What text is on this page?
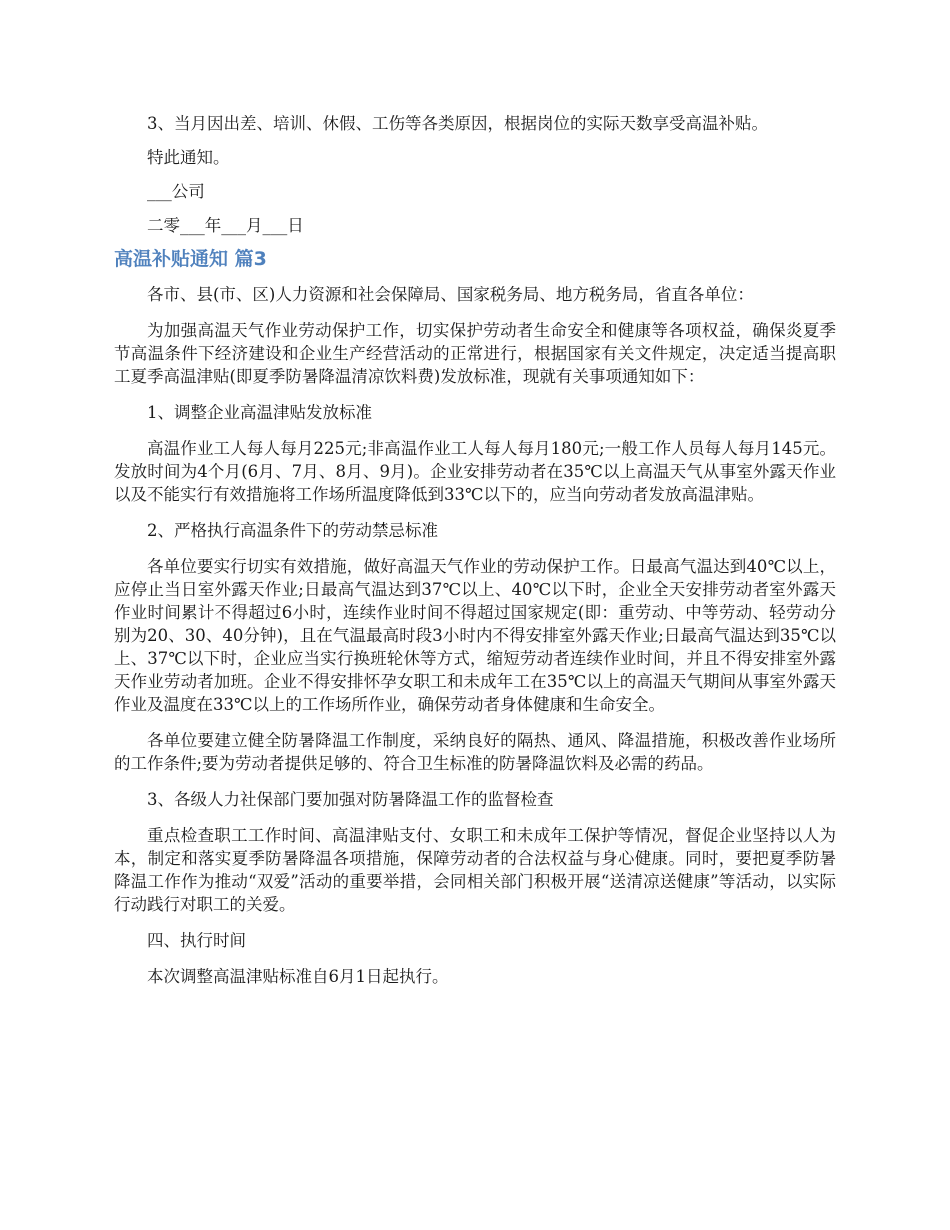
3、当月因出差、培训、休假、工伤等各类原因，根据岗位的实际天数享受高温补贴。

特此通知。

___公司

二零___年___月___日

高温补贴通知 篇3

各市、县(市、区)人力资源和社会保障局、国家税务局、地方税务局，省直各单位：

为加强高温天气作业劳动保护工作，切实保护劳动者生命安全和健康等各项权益，确保炎夏季节高温条件下经济建设和企业生产经营活动的正常进行，根据国家有关文件规定，决定适当提高职工夏季高温津贴(即夏季防暑降温清凉饮料费)发放标准，现就有关事项通知如下：

1、调整企业高温津贴发放标准

高温作业工人每人每月225元;非高温作业工人每人每月180元;一般工作人员每人每月145元。发放时间为4个月(6月、7月、8月、9月)。企业安排劳动者在35℃以上高温天气从事室外露天作业以及不能实行有效措施将工作场所温度降低到33℃以下的，应当向劳动者发放高温津贴。

2、严格执行高温条件下的劳动禁忌标准

各单位要实行切实有效措施，做好高温天气作业的劳动保护工作。日最高气温达到40℃以上，应停止当日室外露天作业;日最高气温达到37℃以上、40℃以下时，企业全天安排劳动者室外露天作业时间累计不得超过6小时，连续作业时间不得超过国家规定(即：重劳动、中等劳动、轻劳动分别为20、30、40分钟)，且在气温最高时段3小时内不得安排室外露天作业;日最高气温达到35℃以上、37℃以下时，企业应当实行换班轮休等方式，缩短劳动者连续作业时间，并且不得安排室外露天作业劳动者加班。企业不得安排怀孕女职工和未成年工在35℃以上的高温天气期间从事室外露天作业及温度在33℃以上的工作场所作业，确保劳动者身体健康和生命安全。

各单位要建立健全防暑降温工作制度，采纳良好的隔热、通风、降温措施，积极改善作业场所的工作条件;要为劳动者提供足够的、符合卫生标准的防暑降温饮料及必需的药品。

3、各级人力社保部门要加强对防暑降温工作的监督检查

重点检查职工工作时间、高温津贴支付、女职工和未成年工保护等情况，督促企业坚持以人为本，制定和落实夏季防暑降温各项措施，保障劳动者的合法权益与身心健康。同时，要把夏季防暑降温工作作为推动“双爱”活动的重要举措，会同相关部门积极开展“送清凉送健康”等活动，以实际行动践行对职工的关爱。

四、执行时间

本次调整高温津贴标准自6月1日起执行。
